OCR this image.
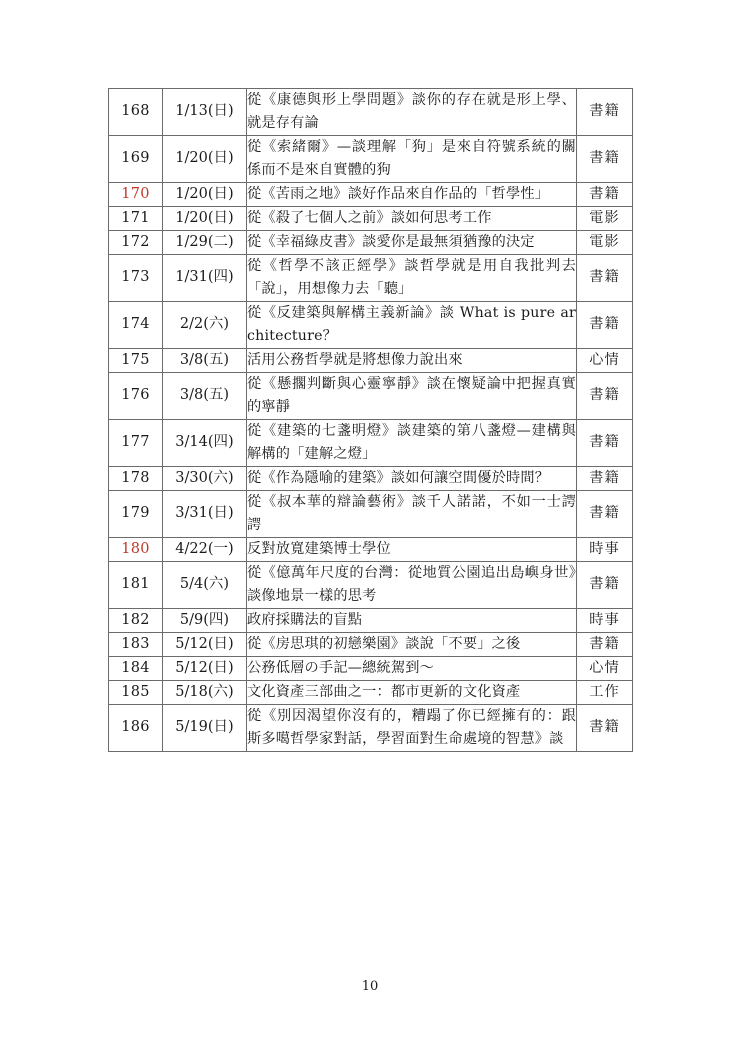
168	1/13(日)	從《康德與形上學問題》談你的存在就是形上學、就是存有論	書籍
169	1/20(日)	從《索緒爾》—談理解「狗」是來自符號系統的關係而不是來自實體的狗	書籍
170	1/20(日)	從《苦雨之地》談好作品來自作品的「哲學性」	書籍
171	1/20(日)	從《殺了七個人之前》談如何思考工作	電影
172	1/29(二)	從《幸福綠皮書》談愛你是最無須猶豫的決定	電影
173	1/31(四)	從《哲學不該正經學》談哲學就是用自我批判去「說」，用想像力去「聽」	書籍
174	2/2(六)	從《反建築與解構主義新論》談 What is pure architecture？	書籍
175	3/8(五)	活用公務哲學就是將想像力說出來	心情
176	3/8(五)	從《懸擱判斷與心靈寧靜》談在懷疑論中把握真實的寧靜	書籍
177	3/14(四)	從《建築的七盞明燈》談建築的第八盞燈—建構與解構的「建解之燈」	書籍
178	3/30(六)	從《作為隱喻的建築》談如何讓空間優於時間？	書籍
179	3/31(日)	從《叔本華的辯論藝術》談千人諾諾，不如一士諤諤	書籍
180	4/22(一)	反對放寬建築博士學位	時事
181	5/4(六)	從《億萬年尺度的台灣：從地質公園追出島嶼身世》談像地景一樣的思考	書籍
182	5/9(四)	政府採購法的盲點	時事
183	5/12(日)	從《房思琪的初戀樂園》談說「不要」之後	書籍
184	5/12(日)	公務低層の手記—總統駕到～	心情
185	5/18(六)	文化資產三部曲之一：都市更新的文化資產	工作
186	5/19(日)	從《別因渴望你沒有的，糟蹋了你已經擁有的：跟斯多噶哲學家對話，學習面對生命處境的智慧》談	書籍
10
